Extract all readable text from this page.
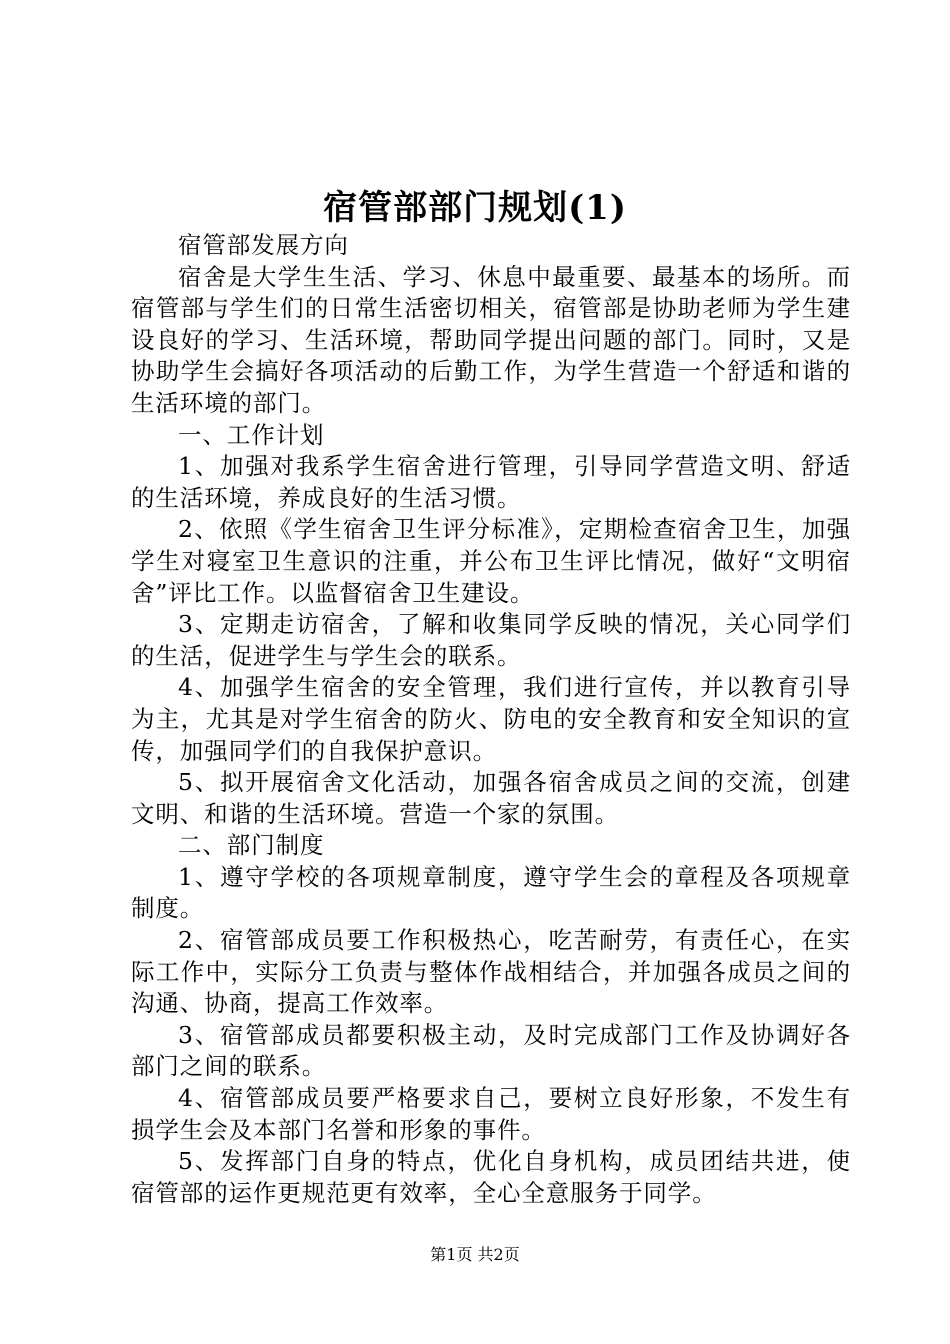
宿管部部门规划(1)

宿管部发展方向

宿舍是大学生生活、学习、休息中最重要、最基本的场所。而宿管部与学生们的日常生活密切相关，宿管部是协助老师为学生建设良好的学习、生活环境，帮助同学提出问题的部门。同时，又是协助学生会搞好各项活动的后勤工作，为学生营造一个舒适和谐的生活环境的部门。

一、工作计划

1、加强对我系学生宿舍进行管理，引导同学营造文明、舒适的生活环境，养成良好的生活习惯。

2、依照《学生宿舍卫生评分标准》，定期检查宿舍卫生，加强学生对寝室卫生意识的注重，并公布卫生评比情况，做好“文明宿舍”评比工作。以监督宿舍卫生建设。

3、定期走访宿舍，了解和收集同学反映的情况，关心同学们的生活，促进学生与学生会的联系。

4、加强学生宿舍的安全管理，我们进行宣传，并以教育引导为主，尤其是对学生宿舍的防火、防电的安全教育和安全知识的宣传，加强同学们的自我保护意识。

5、拟开展宿舍文化活动，加强各宿舍成员之间的交流，创建文明、和谐的生活环境。营造一个家的氛围。

二、部门制度

1、遵守学校的各项规章制度，遵守学生会的章程及各项规章制度。

2、宿管部成员要工作积极热心，吃苦耐劳，有责任心，在实际工作中，实际分工负责与整体作战相结合，并加强各成员之间的沟通、协商，提高工作效率。

3、宿管部成员都要积极主动，及时完成部门工作及协调好各部门之间的联系。

4、宿管部成员要严格要求自己，要树立良好形象，不发生有损学生会及本部门名誉和形象的事件。

5、发挥部门自身的特点，优化自身机构，成员团结共进，使宿管部的运作更规范更有效率，全心全意服务于同学。

第1页 共2页
